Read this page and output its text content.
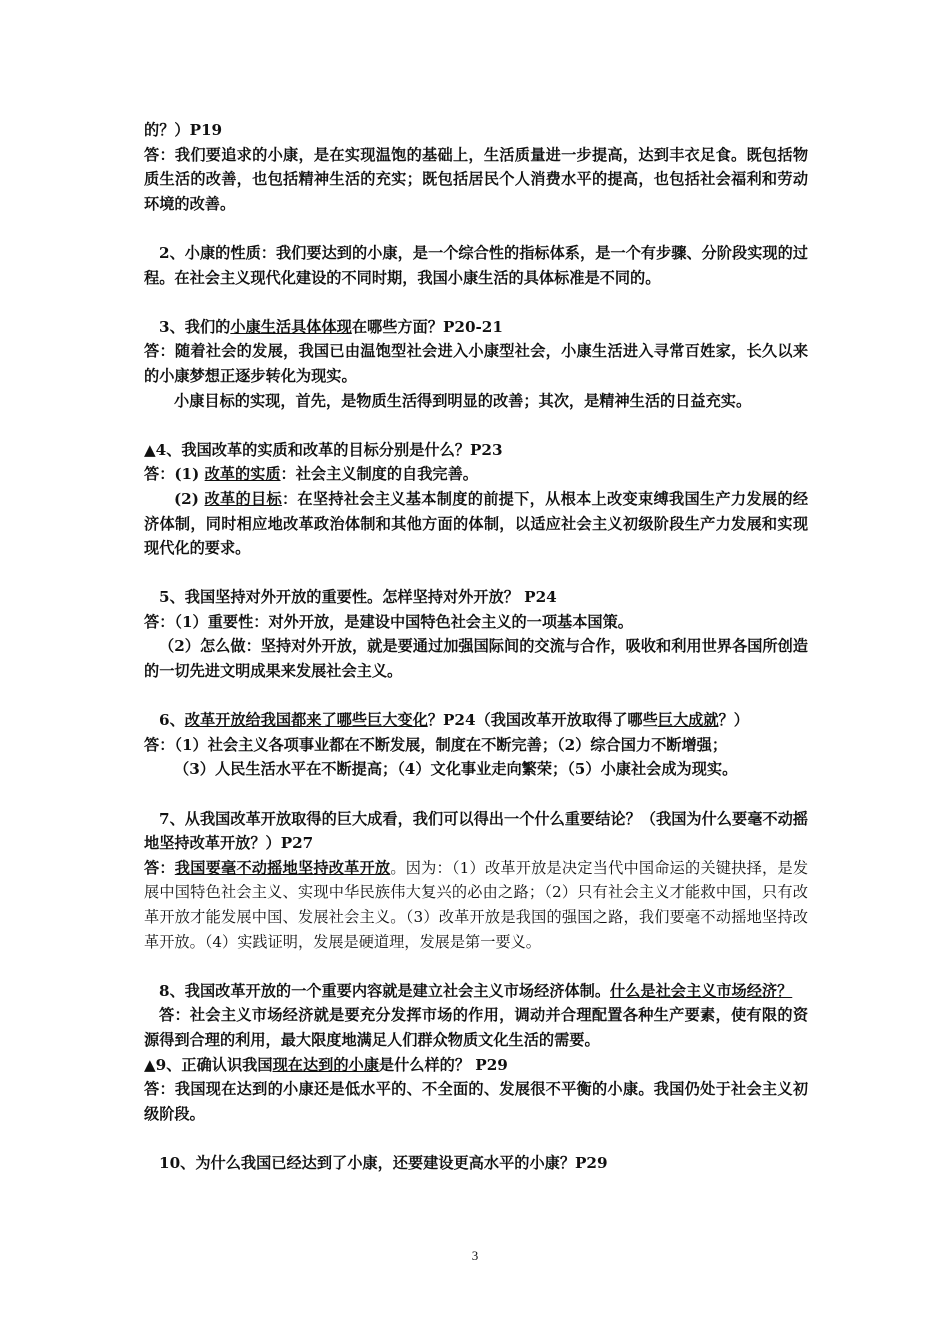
的？）P19

答：我们要追求的小康，是在实现温饱的基础上，生活质量进一步提高，达到丰衣足食。既包括物质生活的改善，也包括精神生活的充实；既包括居民个人消费水平的提高，也包括社会福利和劳动环境的改善。

2、小康的性质：我们要达到的小康，是一个综合性的指标体系，是一个有步骤、分阶段实现的过程。在社会主义现代化建设的不同时期，我国小康生活的具体标准是不同的。

3、我们的小康生活具体体现在哪些方面？P20-21

答：随着社会的发展，我国已由温饱型社会进入小康型社会，小康生活进入寻常百姓家，长久以来的小康梦想正逐步转化为现实。

小康目标的实现，首先，是物质生活得到明显的改善；其次，是精神生活的日益充实。

▲4、我国改革的实质和改革的目标分别是什么？P23

答：(1) 改革的实质：社会主义制度的自我完善。

(2) 改革的目标：在坚持社会主义基本制度的前提下，从根本上改变束缚我国生产力发展的经济体制，同时相应地改革政治体制和其他方面的体制，以适应社会主义初级阶段生产力发展和实现现代化的要求。

5、我国坚持对外开放的重要性。怎样坚持对外开放？ P24

答：（1）重要性：对外开放，是建设中国特色社会主义的一项基本国策。

（2）怎么做：坚持对外开放，就是要通过加强国际间的交流与合作，吸收和利用世界各国所创造的一切先进文明成果来发展社会主义。

6、改革开放给我国都来了哪些巨大变化？P24（我国改革开放取得了哪些巨大成就？）

答：（1）社会主义各项事业都在不断发展，制度在不断完善；（2）综合国力不断增强；

（3）人民生活水平在不断提高；（4）文化事业走向繁荣；（5）小康社会成为现实。

7、从我国改革开放取得的巨大成看，我们可以得出一个什么重要结论？（我国为什么要毫不动摇地坚持改革开放？）P27

答：我国要毫不动摇地坚持改革开放。因为：（1）改革开放是决定当代中国命运的关键抉择，是发展中国特色社会主义、实现中华民族伟大复兴的必由之路；（2）只有社会主义才能救中国，只有改革开放才能发展中国、发展社会主义。（3）改革开放是我国的强国之路，我们要毫不动摇地坚持改革开放。（4）实践证明，发展是硬道理，发展是第一要义。

8、我国改革开放的一个重要内容就是建立社会主义市场经济体制。什么是社会主义市场经济？

答：社会主义市场经济就是要充分发挥市场的作用，调动并合理配置各种生产要素，使有限的资源得到合理的利用，最大限度地满足人们群众物质文化生活的需要。

▲9、正确认识我国现在达到的小康是什么样的？ P29

答：我国现在达到的小康还是低水平的、不全面的、发展很不平衡的小康。我国仍处于社会主义初级阶段。

10、为什么我国已经达到了小康，还要建设更高水平的小康？P29

3
